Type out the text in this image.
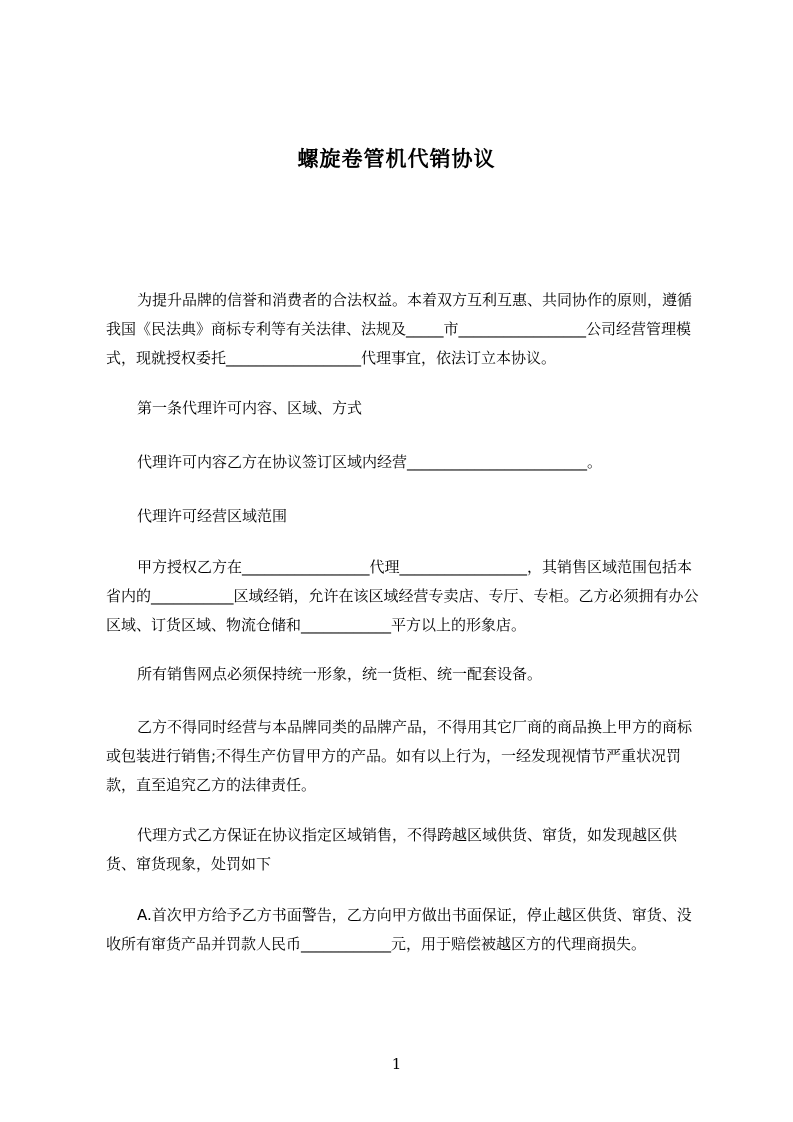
螺旋卷管机代销协议

为提升品牌的信誉和消费者的合法权益。本着双方互利互惠、共同协作的原则，遵循我国《民法典》商标专利等有关法律、法规及_____市_________________公司经营管理模式，现就授权委托__________________代理事宜，依法订立本协议。

第一条代理许可内容、区域、方式

代理许可内容乙方在协议签订区域内经营________________________。

代理许可经营区域范围

甲方授权乙方在_________________代理_________________，其销售区域范围包括本省内的___________区域经销，允许在该区域经营专卖店、专厅、专柜。乙方必须拥有办公区域、订货区域、物流仓储和____________平方以上的形象店。

所有销售网点必须保持统一形象，统一货柜、统一配套设备。

乙方不得同时经营与本品牌同类的品牌产品，不得用其它厂商的商品换上甲方的商标或包装进行销售;不得生产仿冒甲方的产品。如有以上行为，一经发现视情节严重状况罚款，直至追究乙方的法律责任。

代理方式乙方保证在协议指定区域销售，不得跨越区域供货、窜货，如发现越区供货、窜货现象，处罚如下

A.首次甲方给予乙方书面警告，乙方向甲方做出书面保证，停止越区供货、窜货、没收所有窜货产品并罚款人民币____________元，用于赔偿被越区方的代理商损失。

1
